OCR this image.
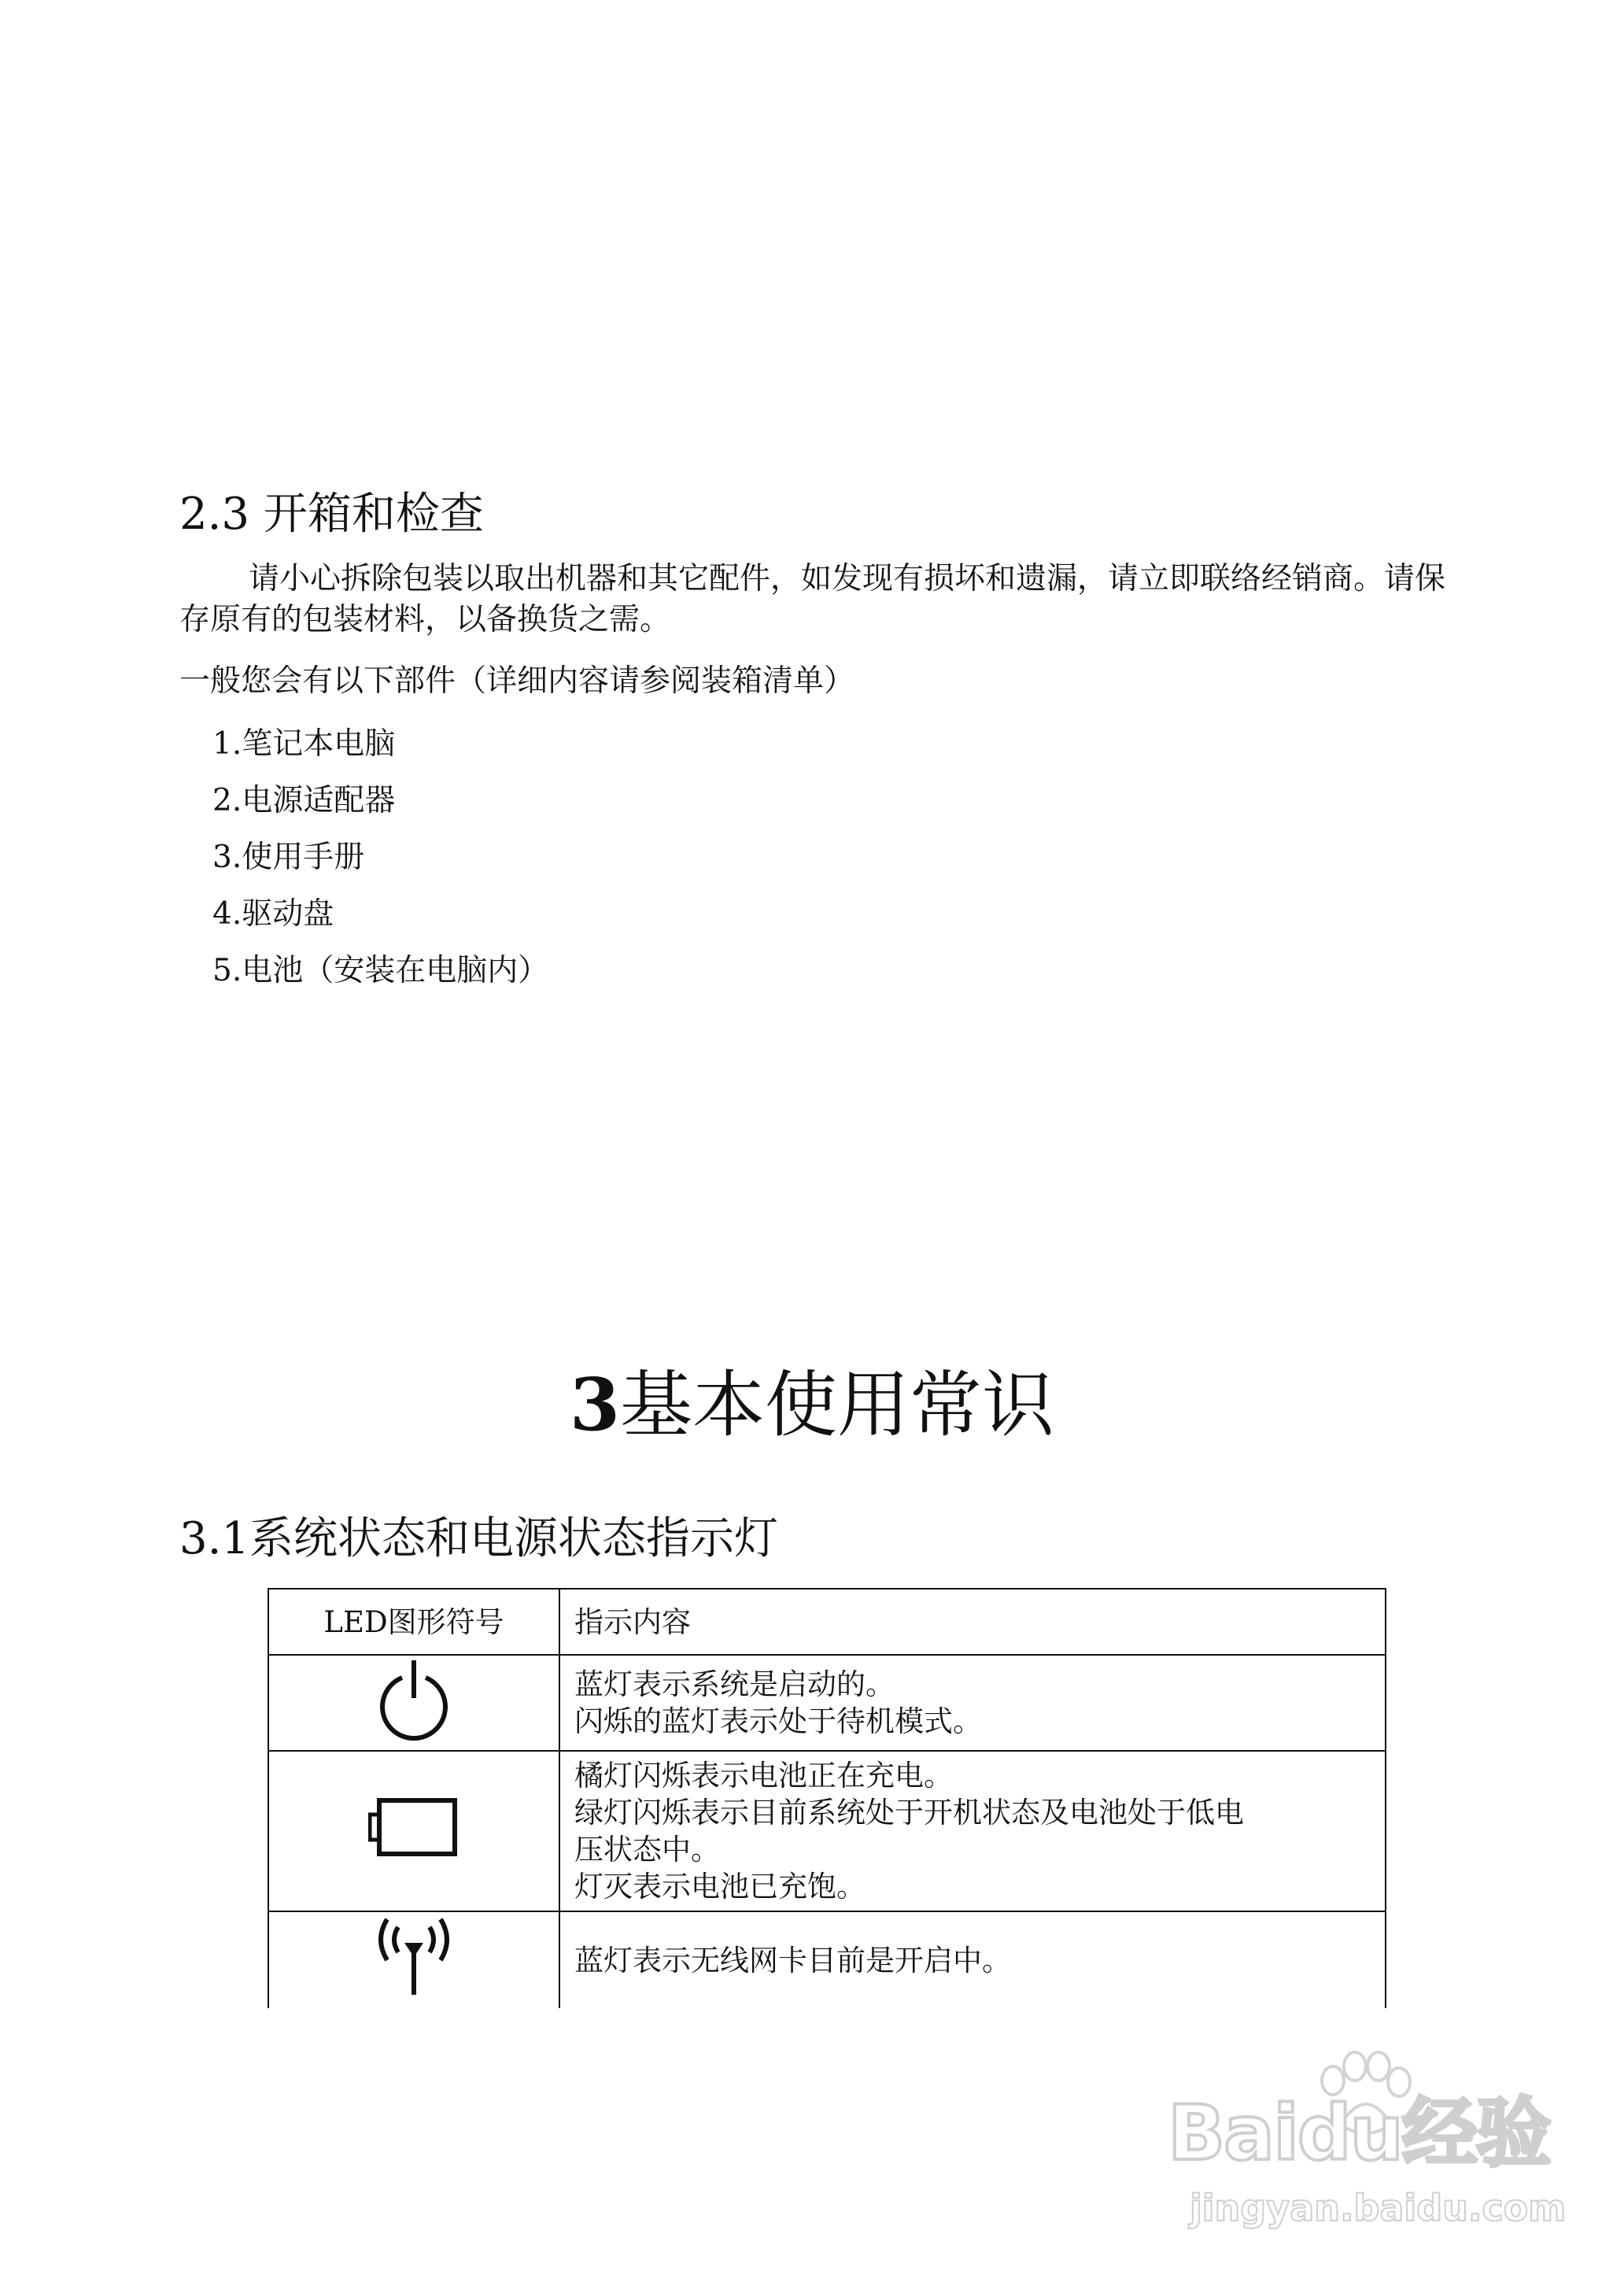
2.3 开箱和检查

请小心拆除包装以取出机器和其它配件，如发现有损坏和遗漏，请立即联络经销商。请保存原有的包装材料，以备换货之需。

一般您会有以下部件（详细内容请参阅装箱清单）
1.笔记本电脑
2.电源适配器
3.使用手册
4.驱动盘
5.电池（安装在电脑内）
3基本使用常识
3.1系统状态和电源状态指示灯
LED图形符号	指示内容

蓝灯表示系统是启动的。
闪烁的蓝灯表示处于待机模式。

橘灯闪烁表示电池正在充电。
绿灯闪烁表示目前系统处于开机状态及电池处于低电
压状态中。
灯灭表示电池已充饱。

蓝灯表示无线网卡目前是开启中。
Baidu经验
jingyan.baidu.com
